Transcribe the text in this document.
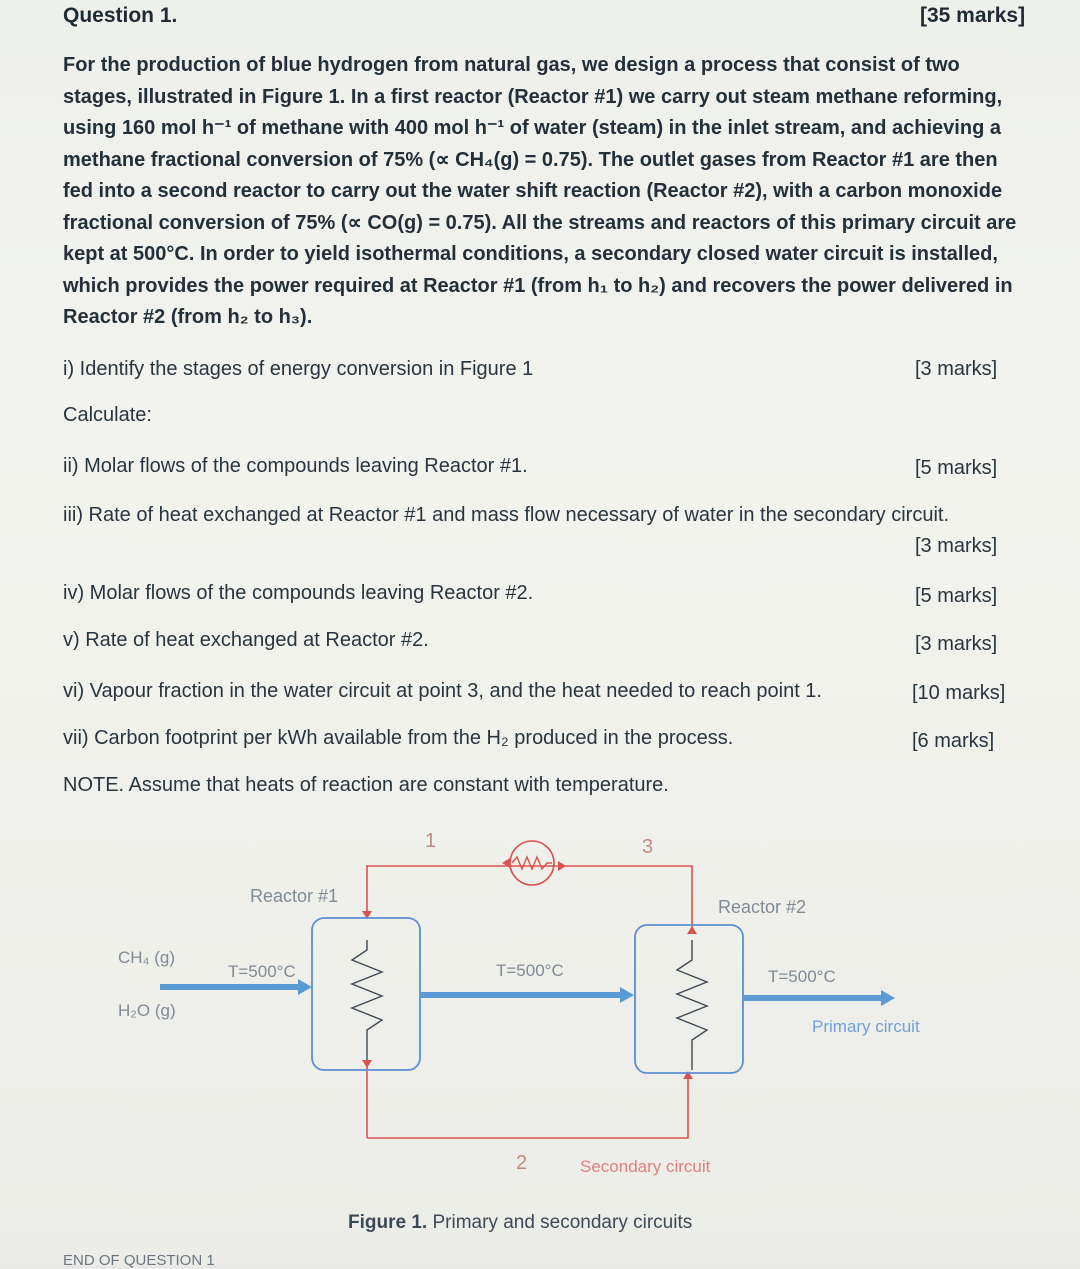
Question 1.	[35 marks]

For the production of blue hydrogen from natural gas, we design a process that consist of two

stages, illustrated in Figure 1. In a first reactor (Reactor #1) we carry out steam methane reforming,

using 160 mol h⁻¹ of methane with 400 mol h⁻¹ of water (steam) in the inlet stream, and achieving a

methane fractional conversion of 75% (∝ CH₄(g) = 0.75). The outlet gases from Reactor #1 are then

fed into a second reactor to carry out the water shift reaction (Reactor #2), with a carbon monoxide

fractional conversion of 75% (∝ CO(g) = 0.75). All the streams and reactors of this primary circuit are

kept at 500°C. In order to yield isothermal conditions, a secondary closed water circuit is installed,

which provides the power required at Reactor #1 (from h₁ to h₂) and recovers the power delivered in

Reactor #2 (from h₂ to h₃).

i) Identify the stages of energy conversion in Figure 1	[3 marks]
Calculate:
ii) Molar flows of the compounds leaving Reactor #1.	[5 marks]
iii) Rate of heat exchanged at Reactor #1 and mass flow necessary of water in the secondary circuit.
[3 marks]
iv) Molar flows of the compounds leaving Reactor #2.	[5 marks]
v) Rate of heat exchanged at Reactor #2.	[3 marks]
vi) Vapour fraction in the water circuit at point 3, and the heat needed to reach point 1.	[10 marks]
vii) Carbon footprint per kWh available from the H₂ produced in the process.	[6 marks]
NOTE. Assume that heats of reaction are constant with temperature.
Reactor #1
Reactor #2
CH₄ (g)
H₂O (g)
T=500°C	T=500°C	T=500°C
Primary circuit
Secondary circuit
1
2
3
Figure 1. Primary and secondary circuits
END OF QUESTION 1
